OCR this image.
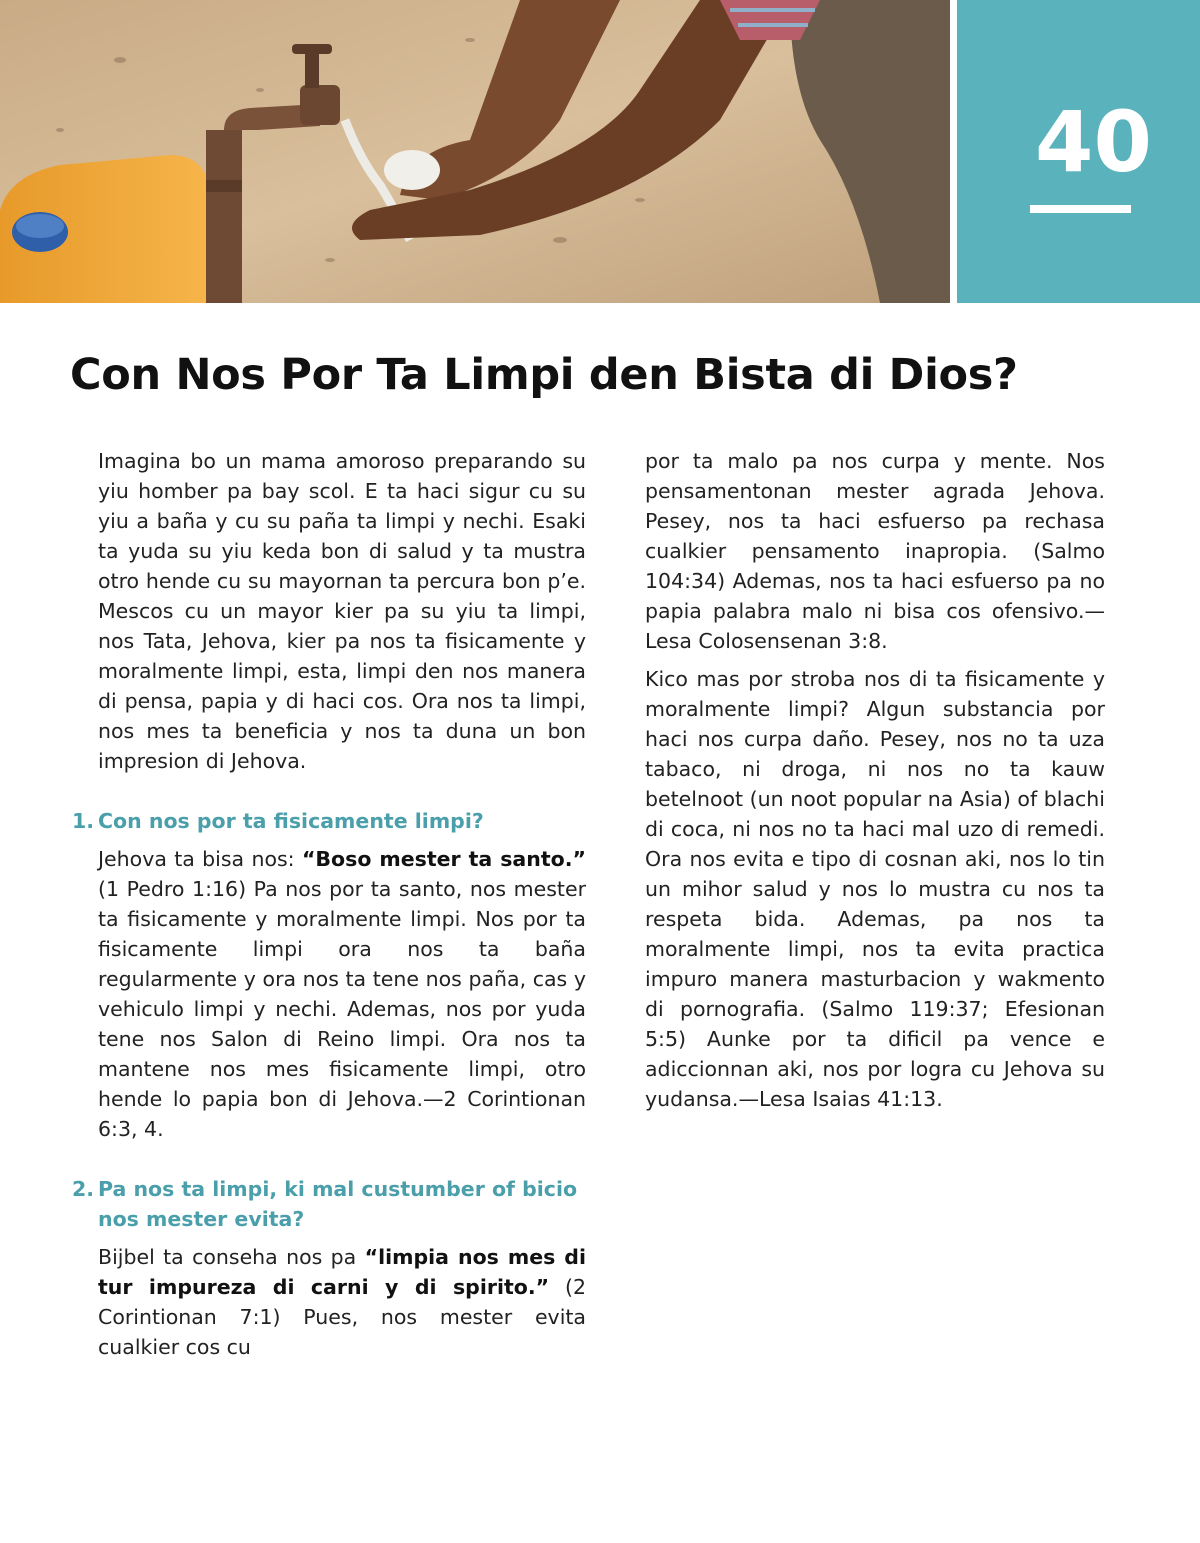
40
Con Nos Por Ta Limpi den Bista di Dios?

Imagina bo un mama amoroso preparando su yiu homber pa bay scol. E ta haci sigur cu su yiu a baña y cu su paña ta limpi y nechi. Esaki ta yuda su yiu keda bon di salud y ta mustra otro hende cu su mayornan ta percura bon p’e. Mescos cu un mayor kier pa su yiu ta limpi, nos Tata, Jehova, kier pa nos ta fisicamente y moralmente limpi, esta, limpi den nos manera di pensa, papia y di haci cos. Ora nos ta limpi, nos mes ta beneficia y nos ta duna un bon impresion di Jehova.

1. Con nos por ta fisicamente limpi?

Jehova ta bisa nos: “Boso mester ta santo.” (1 Pedro 1:16) Pa nos por ta santo, nos mester ta fisicamente y moralmente limpi. Nos por ta fisicamente limpi ora nos ta baña regularmente y ora nos ta tene nos paña, cas y vehiculo limpi y nechi. Ademas, nos por yuda tene nos Salon di Reino limpi. Ora nos ta mantene nos mes fisicamente limpi, otro hende lo papia bon di Jehova.—2 Corintionan 6:3, 4.

2. Pa nos ta limpi, ki mal custumber of bicio nos mester evita?

Bijbel ta conseha nos pa “limpia nos mes di tur impureza di carni y di spirito.” (2 Corintionan 7:1) Pues, nos mester evita cualkier cos cu

por ta malo pa nos curpa y mente. Nos pensamentonan mester agrada Jehova. Pesey, nos ta haci esfuerso pa rechasa cualkier pensamento inapropia. (Salmo 104:34) Ademas, nos ta haci esfuerso pa no papia palabra malo ni bisa cos ofensivo.—Lesa Colosensenan 3:8.

Kico mas por stroba nos di ta fisicamente y moralmente limpi? Algun substancia por haci nos curpa daño. Pesey, nos no ta uza tabaco, ni droga, ni nos no ta kauw betelnoot (un noot popular na Asia) of blachi di coca, ni nos no ta haci mal uzo di remedi. Ora nos evita e tipo di cosnan aki, nos lo tin un mihor salud y nos lo mustra cu nos ta respeta bida. Ademas, pa nos ta moralmente limpi, nos ta evita practica impuro manera masturbacion y wakmento di pornografia. (Salmo 119:37; Efesionan 5:5) Aunke por ta dificil pa vence e adiccionnan aki, nos por logra cu Jehova su yudansa.—Lesa Isaias 41:13.
